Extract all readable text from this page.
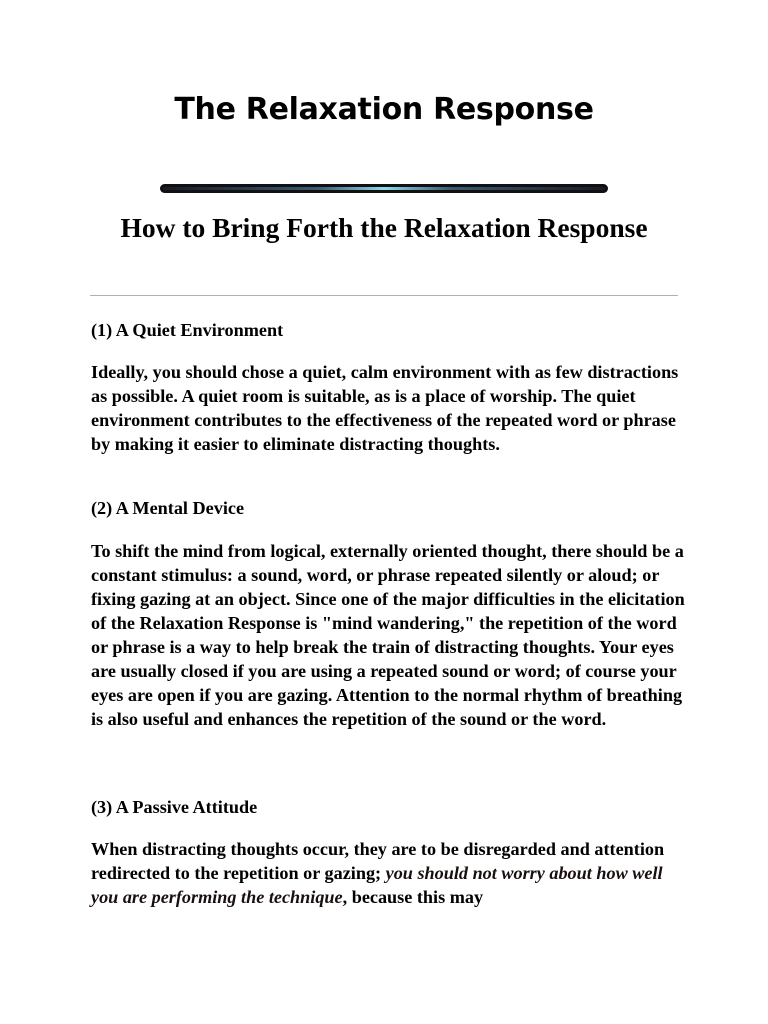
The Relaxation Response
How to Bring Forth the Relaxation Response

(1) A Quiet Environment

Ideally, you should chose a quiet, calm environment with as few distractions as possible. A quiet room is suitable, as is a place of worship. The quiet environment contributes to the effectiveness of the repeated word or phrase by making it easier to eliminate distracting thoughts.

(2) A Mental Device

To shift the mind from logical, externally oriented thought, there should be a constant stimulus: a sound, word, or phrase repeated silently or aloud; or fixing gazing at an object. Since one of the major difficulties in the elicitation of the Relaxation Response is "mind wandering," the repetition of the word or phrase is a way to help break the train of distracting thoughts. Your eyes are usually closed if you are using a repeated sound or word; of course your eyes are open if you are gazing. Attention to the normal rhythm of breathing is also useful and enhances the repetition of the sound or the word.

(3) A Passive Attitude

When distracting thoughts occur, they are to be disregarded and attention redirected to the repetition or gazing; you should not worry about how well you are performing the technique, because this may
